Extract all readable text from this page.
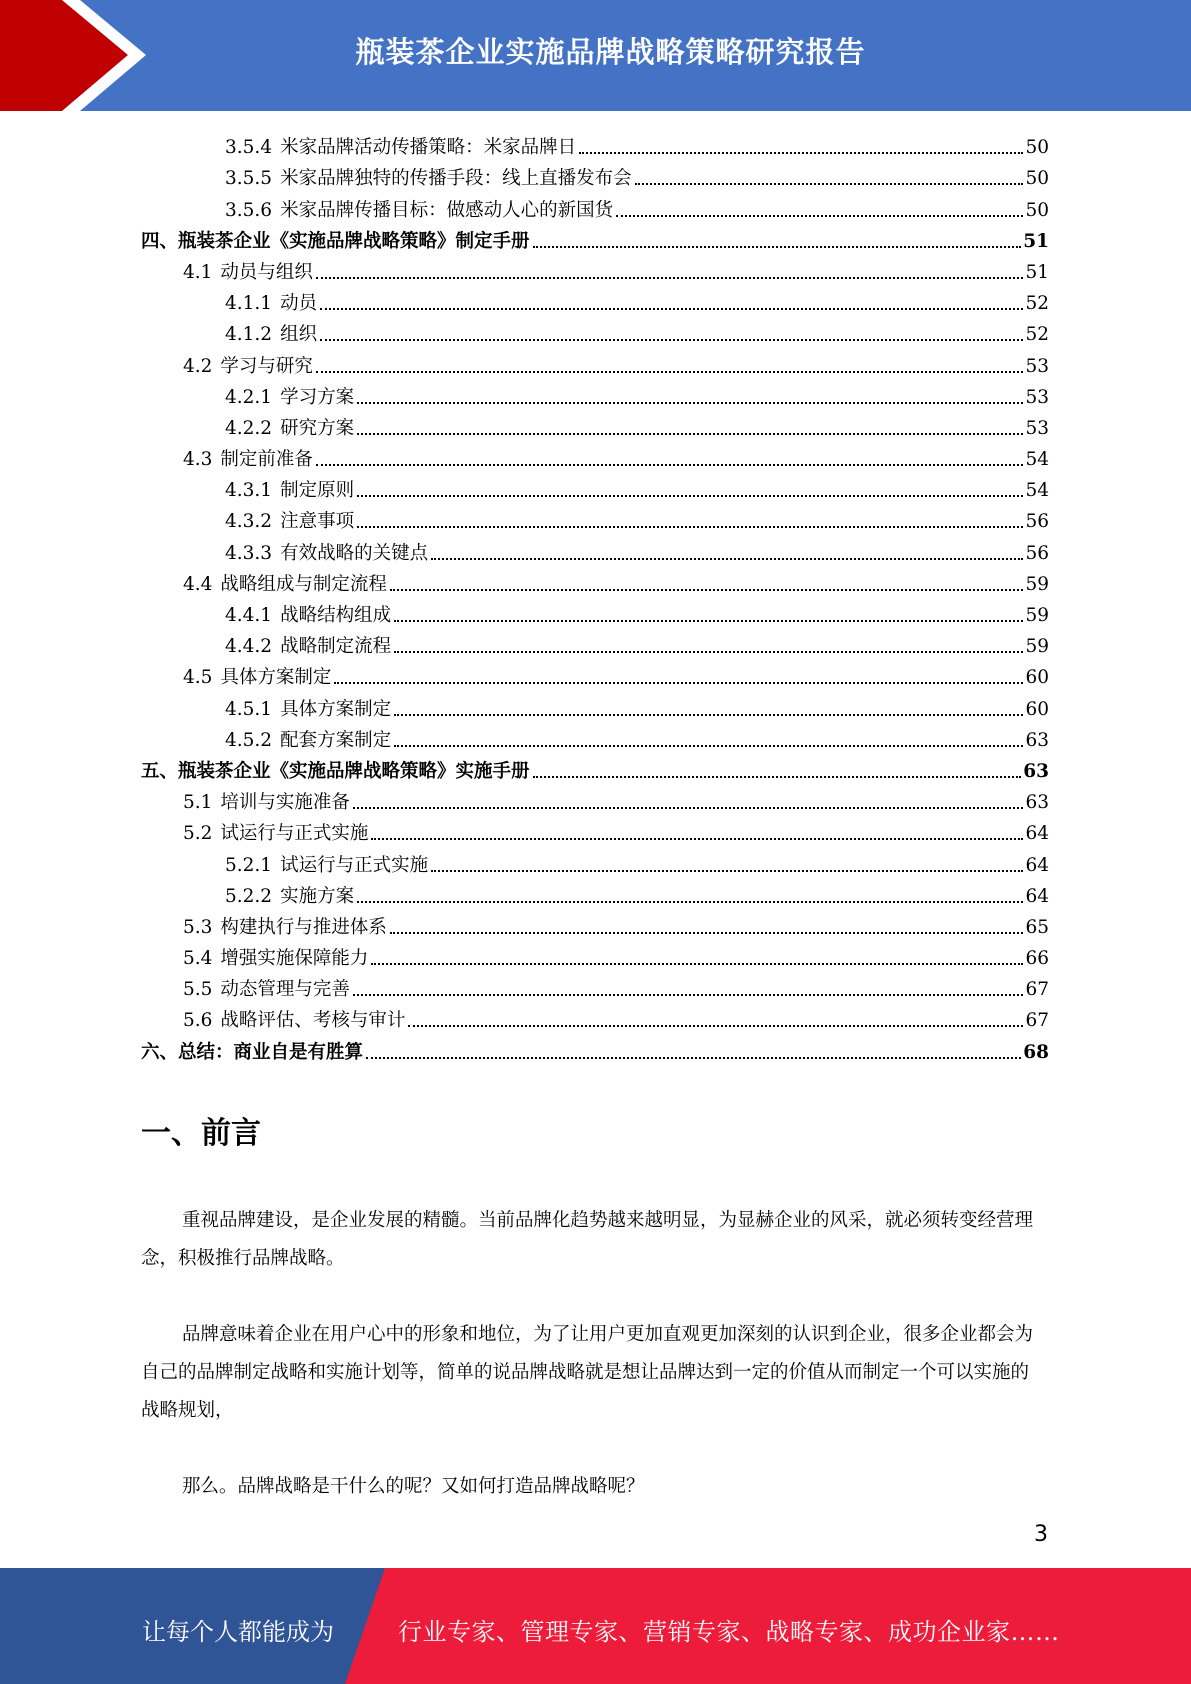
瓶装茶企业实施品牌战略策略研究报告
3.5.4 米家品牌活动传播策略：米家品牌日	50
3.5.5 米家品牌独特的传播手段：线上直播发布会	50
3.5.6 米家品牌传播目标：做感动人心的新国货	50
四、瓶装茶企业《实施品牌战略策略》制定手册	51
4.1 动员与组织	51
4.1.1 动员	52
4.1.2 组织	52
4.2 学习与研究	53
4.2.1 学习方案	53
4.2.2 研究方案	53
4.3 制定前准备	54
4.3.1 制定原则	54
4.3.2 注意事项	56
4.3.3 有效战略的关键点	56
4.4 战略组成与制定流程	59
4.4.1 战略结构组成	59
4.4.2 战略制定流程	59
4.5 具体方案制定	60
4.5.1 具体方案制定	60
4.5.2 配套方案制定	63
五、瓶装茶企业《实施品牌战略策略》实施手册	63
5.1 培训与实施准备	63
5.2 试运行与正式实施	64
5.2.1 试运行与正式实施	64
5.2.2 实施方案	64
5.3 构建执行与推进体系	65
5.4 增强实施保障能力	66
5.5 动态管理与完善	67
5.6 战略评估、考核与审计	67
六、总结：商业自是有胜算	68
一、前言
重视品牌建设，是企业发展的精髓。当前品牌化趋势越来越明显，为显赫企业的风采，就必须转变经营理念，积极推行品牌战略。
品牌意味着企业在用户心中的形象和地位，为了让用户更加直观更加深刻的认识到企业，很多企业都会为自己的品牌制定战略和实施计划等，简单的说品牌战略就是想让品牌达到一定的价值从而制定一个可以实施的战略规划，
那么。品牌战略是干什么的呢？又如何打造品牌战略呢？
3
让每个人都能成为	行业专家、管理专家、营销专家、战略专家、成功企业家……
